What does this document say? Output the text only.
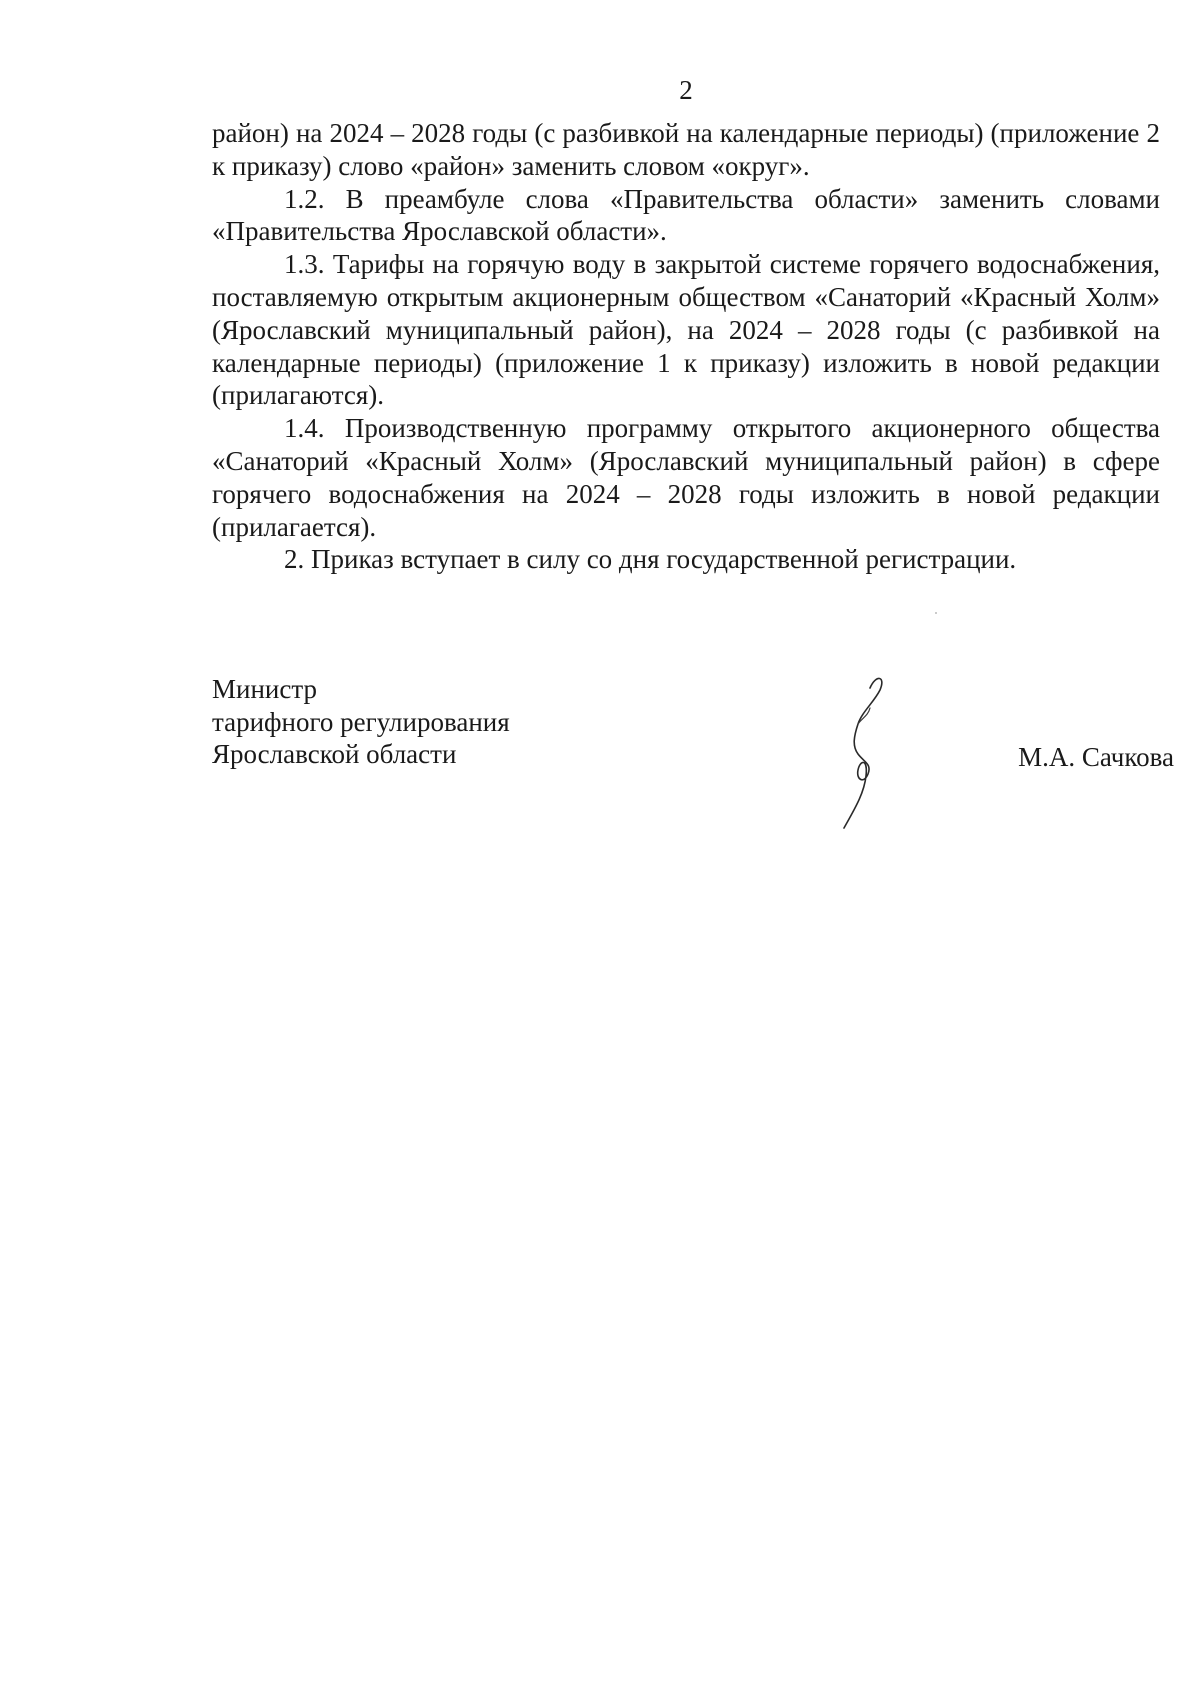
2

район) на 2024 – 2028 годы (с разбивкой на календарные периоды) (приложение 2 к приказу) слово «район» заменить словом «округ».

1.2. В преамбуле слова «Правительства области» заменить словами «Правительства Ярославской области».

1.3. Тарифы на горячую воду в закрытой системе горячего водоснабжения, поставляемую открытым акционерным обществом «Санаторий «Красный Холм» (Ярославский муниципальный район), на 2024 – 2028 годы (с разбивкой на календарные периоды) (приложение 1 к приказу) изложить в новой редакции (прилагаются).

1.4. Производственную программу открытого акционерного общества «Санаторий «Красный Холм» (Ярославский муниципальный район) в сфере горячего водоснабжения на 2024 – 2028 годы изложить в новой редакции (прилагается).

2. Приказ вступает в силу со дня государственной регистрации.

Министр
тарифного регулирования
Ярославской области	М.А. Сачкова
